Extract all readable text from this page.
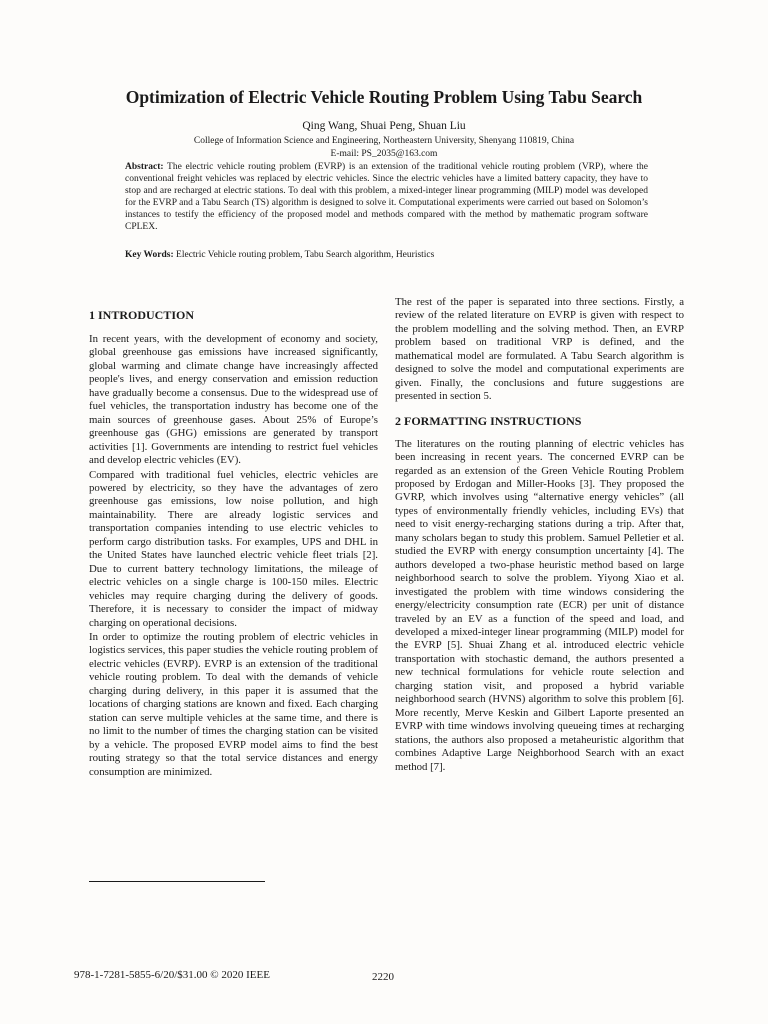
Optimization of Electric Vehicle Routing Problem Using Tabu Search
Qing Wang, Shuai Peng, Shuan Liu
College of Information Science and Engineering, Northeastern University, Shenyang 110819, China
E-mail: PS_2035@163.com

Abstract: The electric vehicle routing problem (EVRP) is an extension of the traditional vehicle routing problem (VRP), where the conventional freight vehicles was replaced by electric vehicles. Since the electric vehicles have a limited battery capacity, they have to stop and are recharged at electric stations. To deal with this problem, a mixed-integer linear programming (MILP) model was developed for the EVRP and a Tabu Search (TS) algorithm is designed to solve it. Computational experiments were carried out based on Solomon’s instances to testify the efficiency of the proposed model and methods compared with the method by mathematic program software CPLEX.

Key Words: Electric Vehicle routing problem, Tabu Search algorithm, Heuristics

1 INTRODUCTION

In recent years, with the development of economy and society, global greenhouse gas emissions have increased significantly, global warming and climate change have increasingly affected people's lives, and energy conservation and emission reduction have gradually become a consensus. Due to the widespread use of fuel vehicles, the transportation industry has become one of the main sources of greenhouse gases. About 25% of Europe’s greenhouse gas (GHG) emissions are generated by transport activities [1]. Governments are intending to restrict fuel vehicles and develop electric vehicles (EV).

Compared with traditional fuel vehicles, electric vehicles are powered by electricity, so they have the advantages of zero greenhouse gas emissions, low noise pollution, and high maintainability. There are already logistic services and transportation companies intending to use electric vehicles to perform cargo distribution tasks. For examples, UPS and DHL in the United States have launched electric vehicle fleet trials [2]. Due to current battery technology limitations, the mileage of electric vehicles on a single charge is 100-150 miles. Electric vehicles may require charging during the delivery of goods. Therefore, it is necessary to consider the impact of midway charging on operational decisions.

In order to optimize the routing problem of electric vehicles in logistics services, this paper studies the vehicle routing problem of electric vehicles (EVRP). EVRP is an extension of the traditional vehicle routing problem. To deal with the demands of vehicle charging during delivery, in this paper it is assumed that the locations of charging stations are known and fixed. Each charging station can serve multiple vehicles at the same time, and there is no limit to the number of times the charging station can be visited by a vehicle. The proposed EVRP model aims to find the best routing strategy so that the total service distances and energy consumption are minimized.

The rest of the paper is separated into three sections. Firstly, a review of the related literature on EVRP is given with respect to the problem modelling and the solving method. Then, an EVRP problem based on traditional VRP is defined, and the mathematical model are formulated. A Tabu Search algorithm is designed to solve the model and computational experiments are given. Finally, the conclusions and future suggestions are presented in section 5.

2 FORMATTING INSTRUCTIONS

The literatures on the routing planning of electric vehicles has been increasing in recent years. The concerned EVRP can be regarded as an extension of the Green Vehicle Routing Problem proposed by Erdogan and Miller-Hooks [3]. They proposed the GVRP, which involves using “alternative energy vehicles” (all types of environmentally friendly vehicles, including EVs) that need to visit energy-recharging stations during a trip. After that, many scholars began to study this problem. Samuel Pelletier et al. studied the EVRP with energy consumption uncertainty [4]. The authors developed a two-phase heuristic method based on large neighborhood search to solve the problem. Yiyong Xiao et al. investigated the problem with time windows considering the energy/electricity consumption rate (ECR) per unit of distance traveled by an EV as a function of the speed and load, and developed a mixed-integer linear programming (MILP) model for the EVRP [5]. Shuai Zhang et al. introduced electric vehicle transportation with stochastic demand, the authors presented a new technical formulations for vehicle route selection and charging station visit, and proposed a hybrid variable neighborhood search (HVNS) algorithm to solve this problem [6]. More recently, Merve Keskin and Gilbert Laporte presented an EVRP with time windows involving queueing times at recharging stations, the authors also proposed a metaheuristic algorithm that combines Adaptive Large Neighborhood Search with an exact method [7].

978-1-7281-5855-6/20/$31.00 © 2020 IEEE	2220
